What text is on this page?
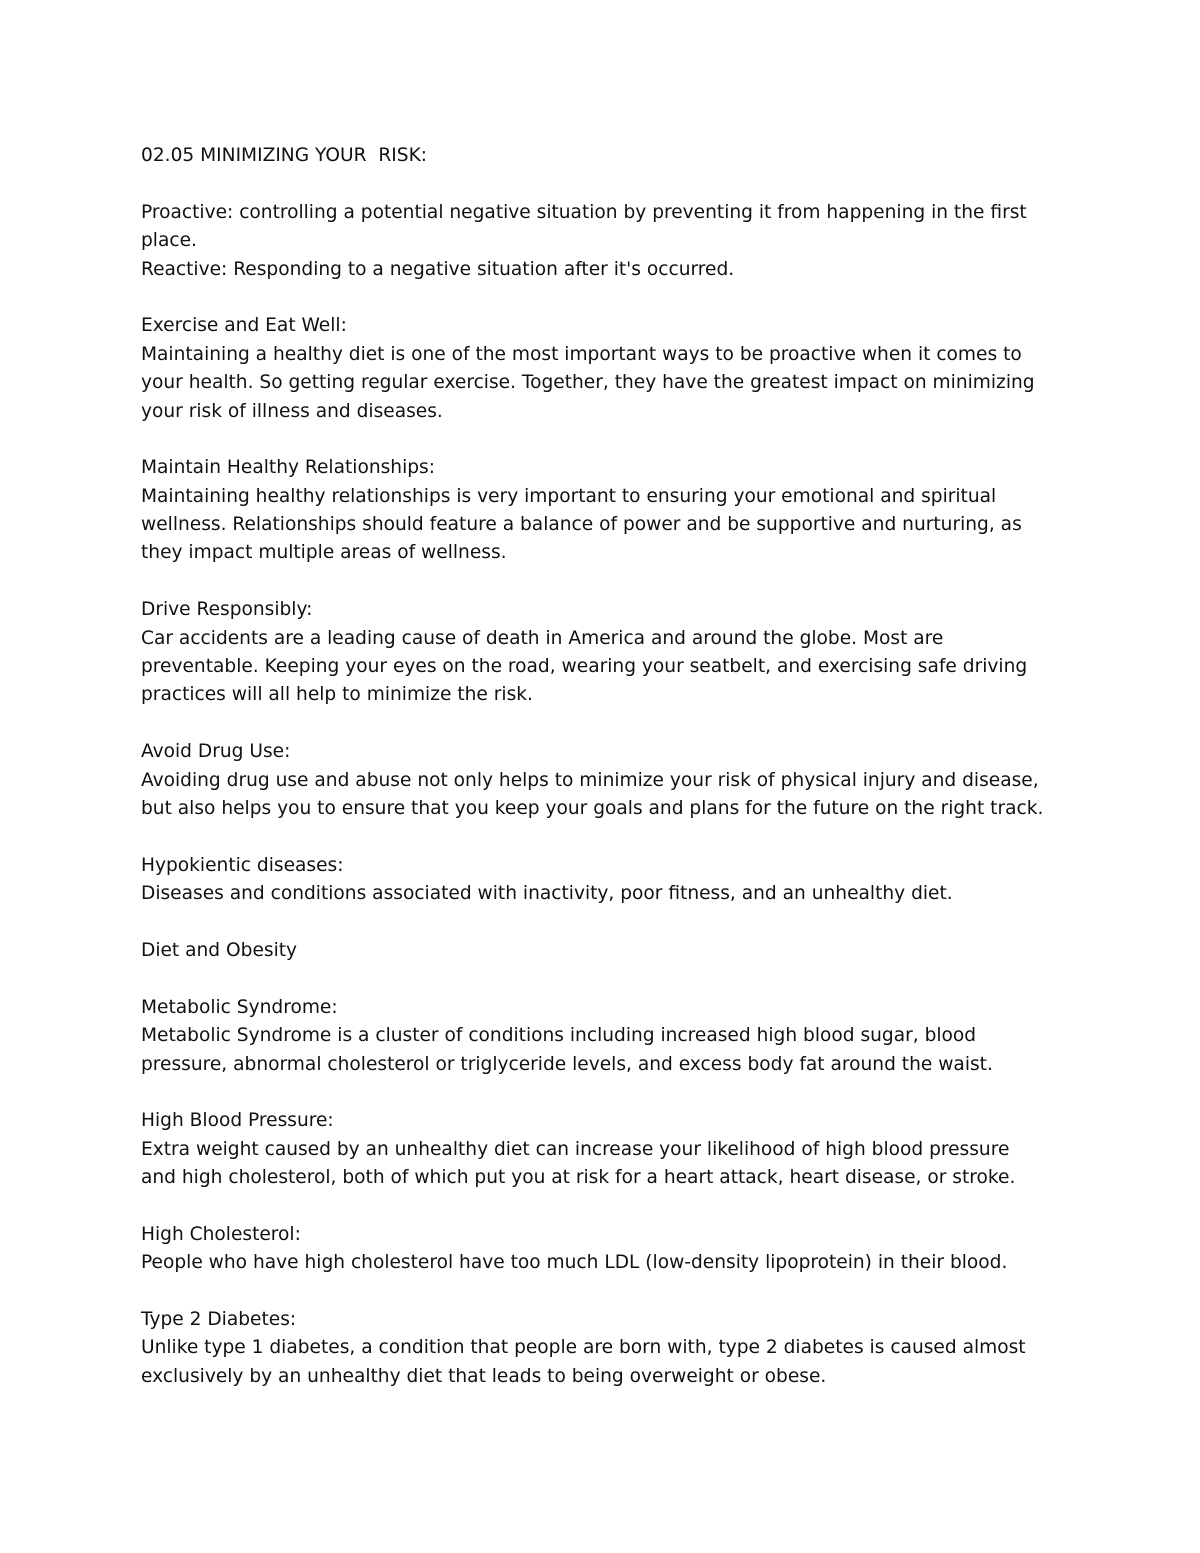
02.05 MINIMIZING YOUR  RISK:
Proactive: controlling a potential negative situation by preventing it from happening in the first
place.
Reactive: Responding to a negative situation after it's occurred.
Exercise and Eat Well:
Maintaining a healthy diet is one of the most important ways to be proactive when it comes to
your health. So getting regular exercise. Together, they have the greatest impact on minimizing
your risk of illness and diseases.
Maintain Healthy Relationships:
Maintaining healthy relationships is very important to ensuring your emotional and spiritual
wellness. Relationships should feature a balance of power and be supportive and nurturing, as
they impact multiple areas of wellness.
Drive Responsibly:
Car accidents are a leading cause of death in America and around the globe. Most are
preventable. Keeping your eyes on the road, wearing your seatbelt, and exercising safe driving
practices will all help to minimize the risk.
Avoid Drug Use:
Avoiding drug use and abuse not only helps to minimize your risk of physical injury and disease,
but also helps you to ensure that you keep your goals and plans for the future on the right track.
Hypokientic diseases:
Diseases and conditions associated with inactivity, poor fitness, and an unhealthy diet.
Diet and Obesity
Metabolic Syndrome:
Metabolic Syndrome is a cluster of conditions including increased high blood sugar, blood
pressure, abnormal cholesterol or triglyceride levels, and excess body fat around the waist.
High Blood Pressure:
Extra weight caused by an unhealthy diet can increase your likelihood of high blood pressure
and high cholesterol, both of which put you at risk for a heart attack, heart disease, or stroke.
High Cholesterol:
People who have high cholesterol have too much LDL (low-density lipoprotein) in their blood.
Type 2 Diabetes:
Unlike type 1 diabetes, a condition that people are born with, type 2 diabetes is caused almost
exclusively by an unhealthy diet that leads to being overweight or obese.
